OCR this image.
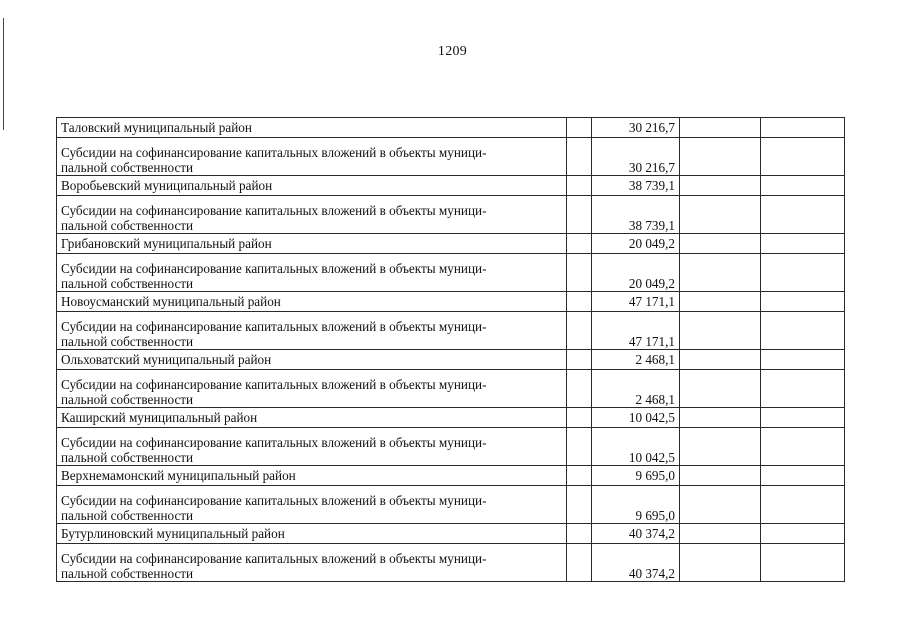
1209
Таловский муниципальный район		30 216,7		
Субсидии на софинансирование капитальных вложений в объекты муници-пальной собственности		30 216,7		
Воробьевский муниципальный район		38 739,1		
Субсидии на софинансирование капитальных вложений в объекты муници-пальной собственности		38 739,1		
Грибановский муниципальный район		20 049,2		
Субсидии на софинансирование капитальных вложений в объекты муници-пальной собственности		20 049,2		
Новоусманский муниципальный район		47 171,1		
Субсидии на софинансирование капитальных вложений в объекты муници-пальной собственности		47 171,1		
Ольховатский муниципальный район		2 468,1		
Субсидии на софинансирование капитальных вложений в объекты муници-пальной собственности		2 468,1		
Каширский муниципальный район		10 042,5		
Субсидии на софинансирование капитальных вложений в объекты муници-пальной собственности		10 042,5		
Верхнемамонский муниципальный район		9 695,0		
Субсидии на софинансирование капитальных вложений в объекты муници-пальной собственности		9 695,0		
Бутурлиновский муниципальный район		40 374,2		
Субсидии на софинансирование капитальных вложений в объекты муници-пальной собственности		40 374,2		
